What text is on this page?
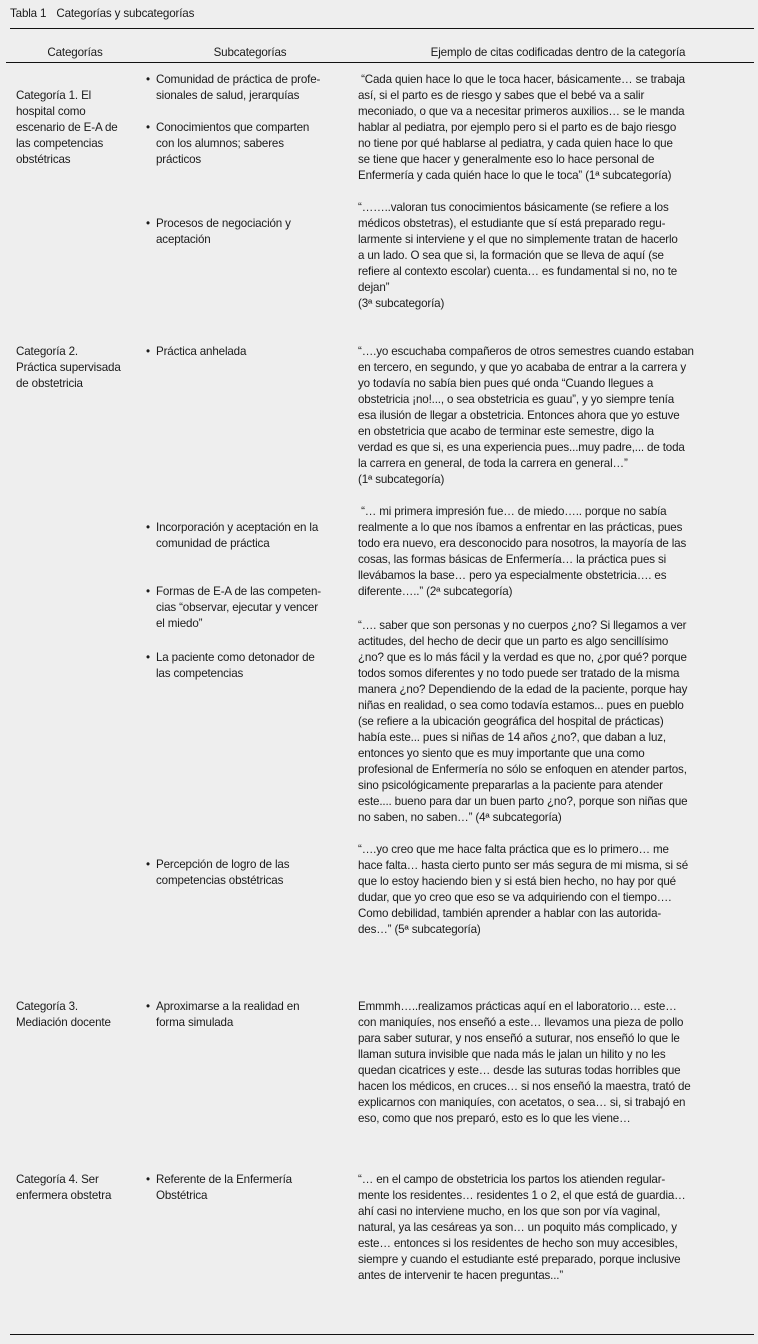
Tabla 1 Categorías y subcategorías
Categorías	Subcategorías	Ejemplo de citas codificadas dentro de la categoría
Categoría 1. El
hospital como
escenario de E-A de
las competencias
obstétricas
Categoría 2.
Práctica supervisada
de obstetricia
Categoría 3.
Mediación docente
Categoría 4. Ser
enfermera obstetra
• Comunidad de práctica de profe-
sionales de salud, jerarquías
• Conocimientos que comparten
con los alumnos; saberes
prácticos
• Procesos de negociación y
aceptación
• Práctica anhelada
• Incorporación y aceptación en la
comunidad de práctica
• Formas de E-A de las competen-
cias “observar, ejecutar y vencer
el miedo”
• La paciente como detonador de
las competencias
• Percepción de logro de las
competencias obstétricas
• Aproximarse a la realidad en
forma simulada
• Referente de la Enfermería
Obstétrica
“Cada quien hace lo que le toca hacer, básicamente… se trabaja
así, si el parto es de riesgo y sabes que el bebé va a salir
meconiado, o que va a necesitar primeros auxilios… se le manda
hablar al pediatra, por ejemplo pero si el parto es de bajo riesgo
no tiene por qué hablarse al pediatra, y cada quien hace lo que
se tiene que hacer y generalmente eso lo hace personal de
Enfermería y cada quién hace lo que le toca” (1ª subcategoría)
“……..valoran tus conocimientos básicamente (se refiere a los
médicos obstetras), el estudiante que sí está preparado regu-
larmente si interviene y el que no simplemente tratan de hacerlo
a un lado. O sea que si, la formación que se lleva de aquí (se
refiere al contexto escolar) cuenta… es fundamental si no, no te
dejan”
(3ª subcategoría)
“….yo escuchaba compañeros de otros semestres cuando estaban
en tercero, en segundo, y que yo acababa de entrar a la carrera y
yo todavía no sabía bien pues qué onda “Cuando llegues a
obstetricia ¡no!..., o sea obstetricia es guau”, y yo siempre tenía
esa ilusión de llegar a obstetricia. Entonces ahora que yo estuve
en obstetricia que acabo de terminar este semestre, digo la
verdad es que si, es una experiencia pues...muy padre,... de toda
la carrera en general, de toda la carrera en general…”
(1ª subcategoría)
“… mi primera impresión fue… de miedo….. porque no sabía
realmente a lo que nos íbamos a enfrentar en las prácticas, pues
todo era nuevo, era desconocido para nosotros, la mayoría de las
cosas, las formas básicas de Enfermería… la práctica pues si
llevábamos la base… pero ya especialmente obstetricia…. es
diferente…..” (2ª subcategoría)
“…. saber que son personas y no cuerpos ¿no? Si llegamos a ver
actitudes, del hecho de decir que un parto es algo sencillísimo
¿no? que es lo más fácil y la verdad es que no, ¿por qué? porque
todos somos diferentes y no todo puede ser tratado de la misma
manera ¿no? Dependiendo de la edad de la paciente, porque hay
niñas en realidad, o sea como todavía estamos... pues en pueblo
(se refiere a la ubicación geográfica del hospital de prácticas)
había este... pues si niñas de 14 años ¿no?, que daban a luz,
entonces yo siento que es muy importante que una como
profesional de Enfermería no sólo se enfoquen en atender partos,
sino psicológicamente prepararlas a la paciente para atender
este.... bueno para dar un buen parto ¿no?, porque son niñas que
no saben, no saben…” (4ª subcategoría)
“….yo creo que me hace falta práctica que es lo primero… me
hace falta… hasta cierto punto ser más segura de mi misma, si sé
que lo estoy haciendo bien y si está bien hecho, no hay por qué
dudar, que yo creo que eso se va adquiriendo con el tiempo….
Como debilidad, también aprender a hablar con las autorida-
des…” (5ª subcategoría)
Emmmh…..realizamos prácticas aquí en el laboratorio… este…
con maniquíes, nos enseñó a este… llevamos una pieza de pollo
para saber suturar, y nos enseñó a suturar, nos enseñó lo que le
llaman sutura invisible que nada más le jalan un hilito y no les
quedan cicatrices y este… desde las suturas todas horribles que
hacen los médicos, en cruces… si nos enseñó la maestra, trató de
explicarnos con maniquíes, con acetatos, o sea… si, si trabajó en
eso, como que nos preparó, esto es lo que les viene…
“… en el campo de obstetricia los partos los atienden regular-
mente los residentes… residentes 1 o 2, el que está de guardia…
ahí casi no interviene mucho, en los que son por vía vaginal,
natural, ya las cesáreas ya son… un poquito más complicado, y
este… entonces si los residentes de hecho son muy accesibles,
siempre y cuando el estudiante esté preparado, porque inclusive
antes de intervenir te hacen preguntas...”
